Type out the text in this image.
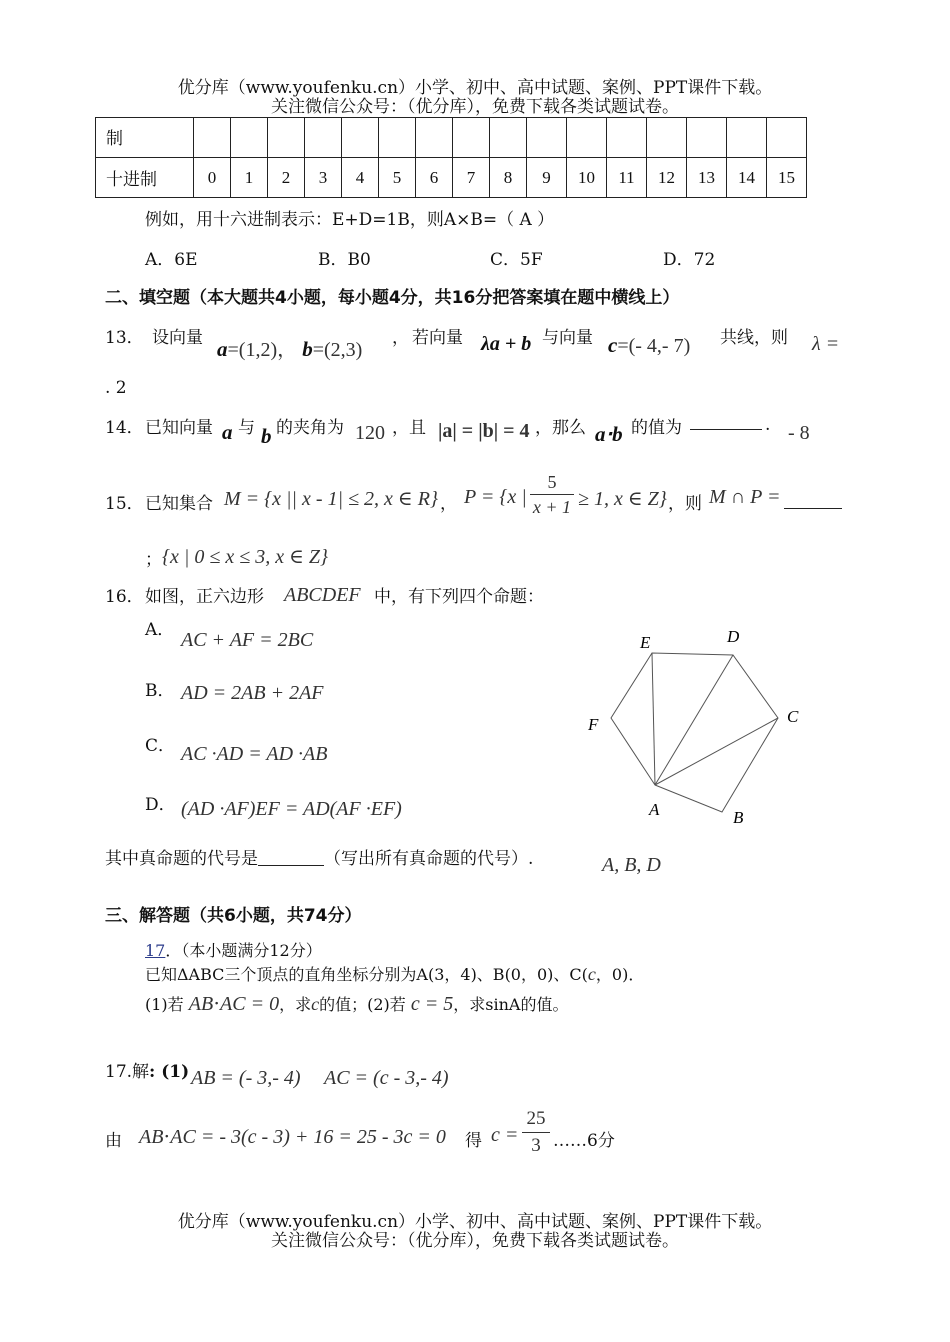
优分库（www.youfenku.cn）小学、初中、高中试题、案例、PPT课件下载。
关注微信公众号：（优分库），免费下载各类试题试卷。
制																
十进制	0	1	2	3	4	5	6	7	8	9	10	11	12	13	14	15
例如，用十六进制表示：E+D=1B，则A×B=（ A ）
A．6E	B．B0	C．5F	D．72
二、填空题（本大题共4小题，每小题4分，共16分把答案填在题中横线上）
13． 设向量 a=(1,2)， b=(2,3)
， 若向量 λa + b 与向量 c=(- 4,- 7) 共线，则 λ =
. 2
14． 已知向量 a 与 b 的夹角为 120 ，且 |a| = |b| = 4 ，那么 a⋅b 的值为	. - 8
15． 已知集合 M = {x || x - 1| ≤ 2, x ∈ R} ， P = {x |
5
x + 1 ≥ 1, x ∈ Z} ，则 M ∩ P =
； {x | 0 ≤ x ≤ 3, x ∈ Z}
16． 如图，正六边形 ABCDEF 中，有下列四个命题：
A． AC + AF = 2BC
B． AD = 2AB + 2AF
C． AC ·AD = AD ·AB
D． (AD ·AF)EF = AD(AF ·EF)
E	D
C
F
A	B
其中真命题的代号是	（写出所有真命题的代号）.	A, B, D
三、解答题（共6小题，共74分）
17．（本小题满分12分）
已知ΔABC三个顶点的直角坐标分别为A(3，4)、B(0，0)、C(c，0)．
(1)若 AB⋅AC = 0，求c的值；(2)若 c = 5，求sinA的值。
17.解: (1) AB = (- 3,- 4) AC = (c - 3,- 4)
由 AB⋅AC = - 3(c - 3) + 16 = 25 - 3c = 0 得 c =
25
3 ……6分
优分库（www.youfenku.cn）小学、初中、高中试题、案例、PPT课件下载。
关注微信公众号：（优分库），免费下载各类试题试卷。
